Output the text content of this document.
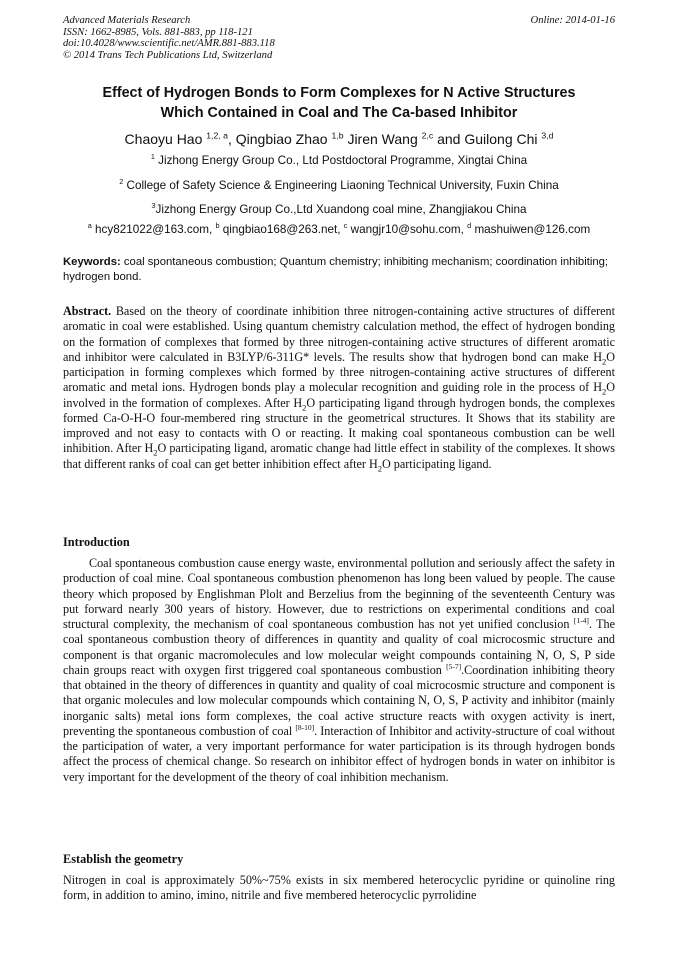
Advanced Materials Research
ISSN: 1662-8985, Vols. 881-883, pp 118-121
doi:10.4028/www.scientific.net/AMR.881-883.118
© 2014 Trans Tech Publications Ltd, Switzerland
Online: 2014-01-16
Effect of Hydrogen Bonds to Form Complexes for N Active Structures
Which Contained in Coal and The Ca-based Inhibitor
Chaoyu Hao $^{1,2, a}$, Qingbiao Zhao $^{1,b}$ Jiren Wang $^{2,c}$ and Guilong Chi $^{3,d}$
$^1$ Jizhong Energy Group Co., Ltd Postdoctoral Programme, Xingtai China
$^2$ College of Safety Science & Engineering Liaoning Technical University, Fuxin China
$^3$Jizhong Energy Group Co.,Ltd Xuandong coal mine, Zhangjiakou China
$^a$ hcy821022@163.com, $^b$ qingbiao168@263.net, $^c$ wangjr10@sohu.com, $^d$ mashuiwen@126.com
Keywords: coal spontaneous combustion; Quantum chemistry; inhibiting mechanism; coordination inhibiting; hydrogen bond.

Abstract. Based on the theory of coordinate inhibition three nitrogen-containing active structures of different aromatic in coal were established. Using quantum chemistry calculation method, the effect of hydrogen bonding on the formation of complexes that formed by three nitrogen-containing active structures of different aromatic and inhibitor were calculated in B3LYP/6-311G* levels. The results show that hydrogen bond can make $H_2O$ participation in forming complexes which formed by three nitrogen-containing active structures of different aromatic and metal ions. Hydrogen bonds play a molecular recognition and guiding role in the process of $H_2O$ involved in the formation of complexes. After $H_2O$ participating ligand through hydrogen bonds, the complexes formed Ca-O-H-O four-membered ring structure in the geometrical structures. It Shows that its stability are improved and not easy to contacts with O or reacting. It making coal spontaneous combustion can be well inhibition. After $H_2O$ participating ligand, aromatic change had little effect in stability of the complexes. It shows that different ranks of coal can get better inhibition effect after $H_2O$ participating ligand.

Introduction

Coal spontaneous combustion cause energy waste, environmental pollution and seriously affect the safety in production of coal mine. Coal spontaneous combustion phenomenon has long been valued by people. The cause theory which proposed by Englishman Plolt and Berzelius from the beginning of the seventeenth Century was put forward nearly 300 years of history. However, due to restrictions on experimental conditions and coal structural complexity, the mechanism of coal spontaneous combustion has not yet unified conclusion [1-4]. The coal spontaneous combustion theory of differences in quantity and quality of coal microcosmic structure and component is that organic macromolecules and low molecular weight compounds containing N, O, S, P side chain groups react with oxygen first triggered coal spontaneous combustion [5-7].Coordination inhibiting theory that obtained in the theory of differences in quantity and quality of coal microcosmic structure and component is that organic molecules and low molecular compounds which containing N, O, S, P activity and inhibitor (mainly inorganic salts) metal ions form complexes, the coal active structure reacts with oxygen activity is inert, preventing the spontaneous combustion of coal [8-10]. Interaction of Inhibitor and activity-structure of coal without the participation of water, a very important performance for water participation is its through hydrogen bonds affect the process of chemical change. So research on inhibitor effect of hydrogen bonds in water on inhibitor is very important for the development of the theory of coal inhibition mechanism.

Establish the geometry

Nitrogen in coal is approximately 50%~75% exists in six membered heterocyclic pyridine or quinoline ring form, in addition to amino, imino, nitrile and five membered heterocyclic pyrrolidine
